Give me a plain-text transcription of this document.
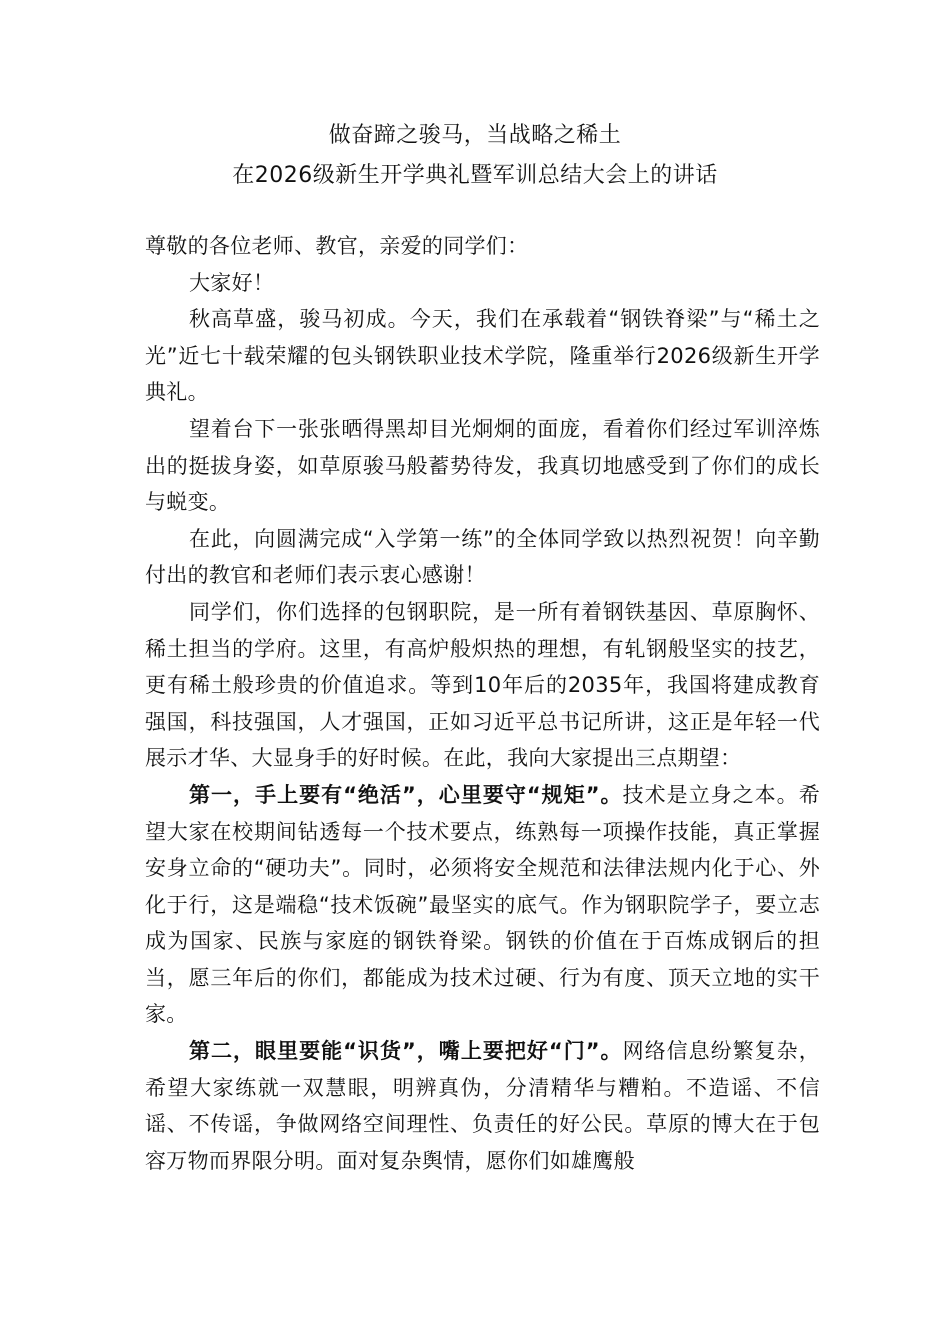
做奋蹄之骏马，当战略之稀土
在2026级新生开学典礼暨军训总结大会上的讲话

尊敬的各位老师、教官，亲爱的同学们：

大家好！

秋高草盛，骏马初成。今天，我们在承载着“钢铁脊梁”与“稀土之光”近七十载荣耀的包头钢铁职业技术学院，隆重举行2026级新生开学典礼。

望着台下一张张晒得黑却目光炯炯的面庞，看着你们经过军训淬炼出的挺拔身姿，如草原骏马般蓄势待发，我真切地感受到了你们的成长与蜕变。

在此，向圆满完成“入学第一练”的全体同学致以热烈祝贺！向辛勤付出的教官和老师们表示衷心感谢！

同学们，你们选择的包钢职院，是一所有着钢铁基因、草原胸怀、稀土担当的学府。这里，有高炉般炽热的理想，有轧钢般坚实的技艺，更有稀土般珍贵的价值追求。等到10年后的2035年，我国将建成教育强国，科技强国，人才强国，正如习近平总书记所讲，这正是年轻一代展示才华、大显身手的好时候。在此，我向大家提出三点期望：

第一，手上要有“绝活”，心里要守“规矩”。技术是立身之本。希望大家在校期间钻透每一个技术要点，练熟每一项操作技能，真正掌握安身立命的“硬功夫”。同时，必须将安全规范和法律法规内化于心、外化于行，这是端稳“技术饭碗”最坚实的底气。作为钢职院学子，要立志成为国家、民族与家庭的钢铁脊梁。钢铁的价值在于百炼成钢后的担当，愿三年后的你们，都能成为技术过硬、行为有度、顶天立地的实干家。

第二，眼里要能“识货”，嘴上要把好“门”。网络信息纷繁复杂，希望大家练就一双慧眼，明辨真伪，分清精华与糟粕。不造谣、不信谣、不传谣，争做网络空间理性、负责任的好公民。草原的博大在于包容万物而界限分明。面对复杂舆情，愿你们如雄鹰般
